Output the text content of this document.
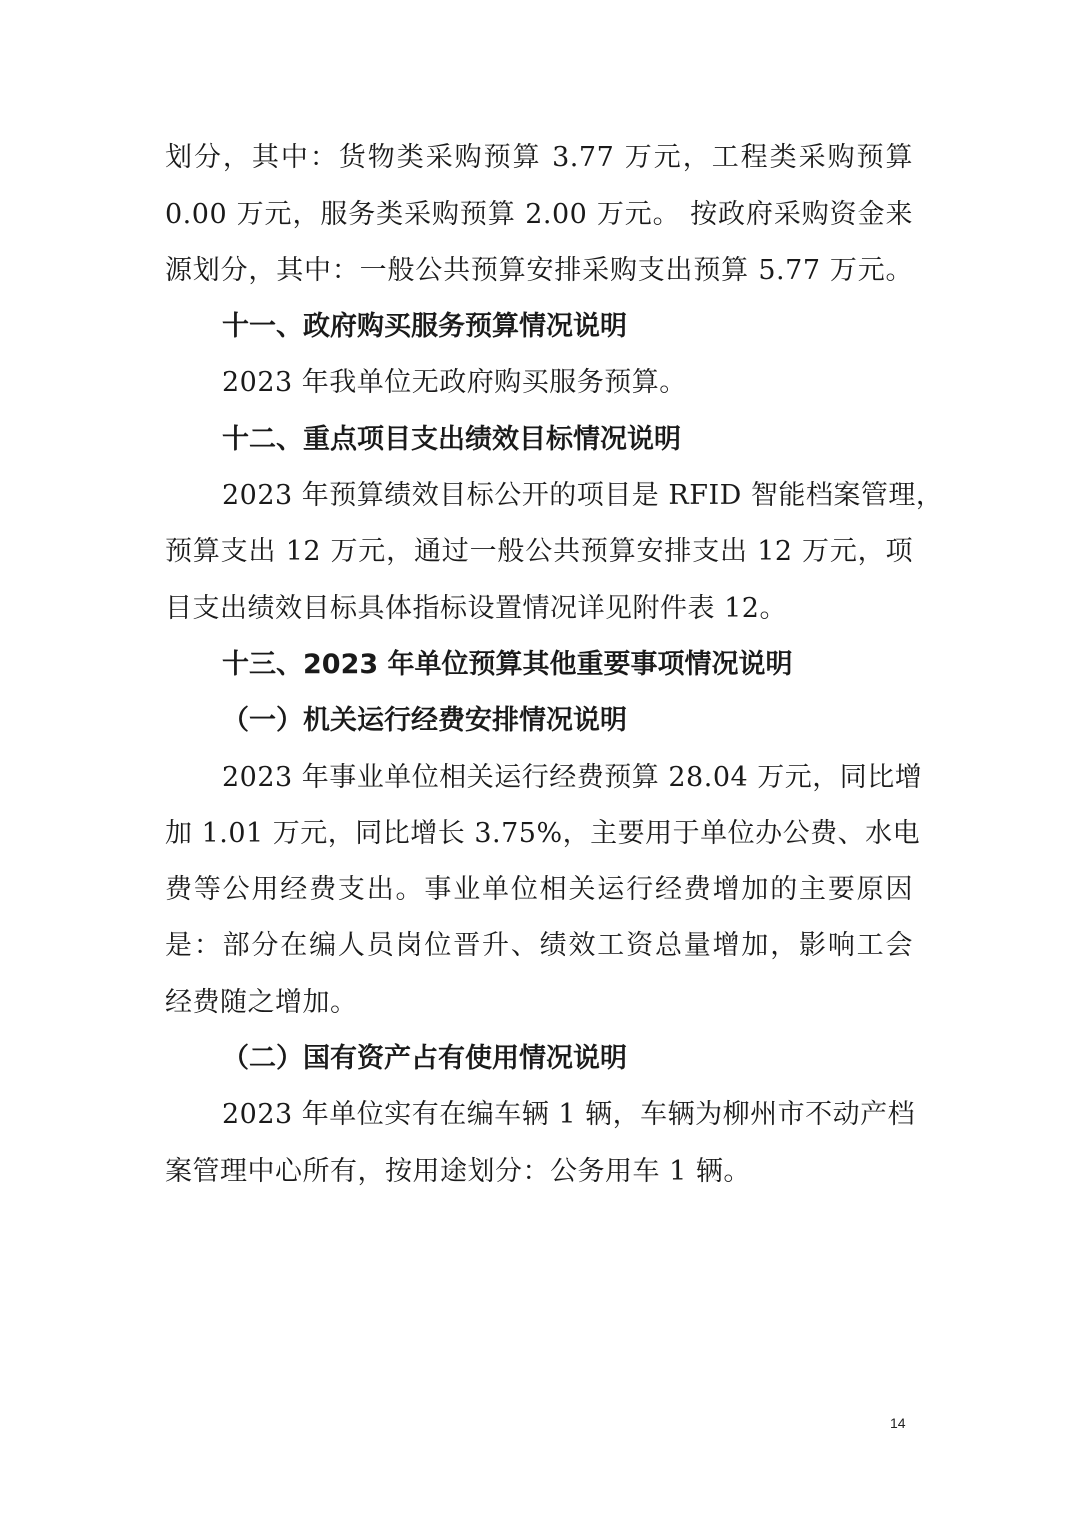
划分，其中：货物类采购预算 3.77 万元，工程类采购预算
0.00 万元，服务类采购预算 2.00 万元。 按政府采购资金来
源划分，其中：一般公共预算安排采购支出预算 5.77 万元。
十一、政府购买服务预算情况说明
2023 年我单位无政府购买服务预算。
十二、重点项目支出绩效目标情况说明
2023 年预算绩效目标公开的项目是 RFID 智能档案管理，
预算支出 12 万元，通过一般公共预算安排支出 12 万元，项
目支出绩效目标具体指标设置情况详见附件表 12。
十三、2023 年单位预算其他重要事项情况说明
（一）机关运行经费安排情况说明
2023 年事业单位相关运行经费预算 28.04 万元，同比增
加 1.01 万元，同比增长 3.75%，主要用于单位办公费、水电
费等公用经费支出。事业单位相关运行经费增加的主要原因
是：部分在编人员岗位晋升、绩效工资总量增加，影响工会
经费随之增加。
（二）国有资产占有使用情况说明
2023 年单位实有在编车辆 1 辆，车辆为柳州市不动产档
案管理中心所有，按用途划分：公务用车 1 辆。
14
